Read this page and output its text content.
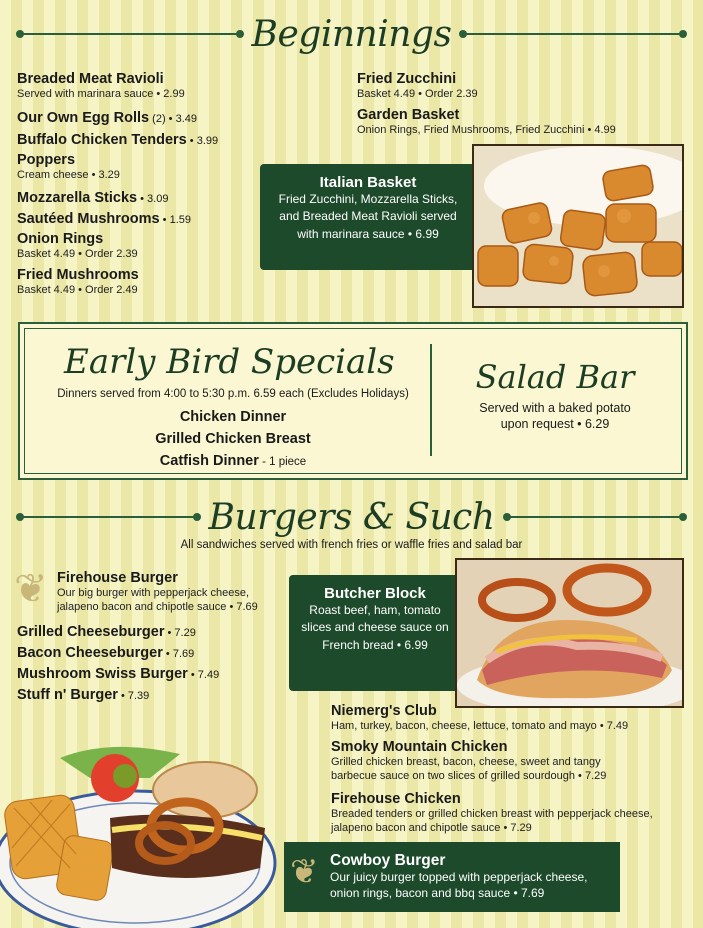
Beginnings
Breaded Meat Ravioli
Served with marinara sauce • 2.99
Our Own Egg Rolls (2) • 3.49
Buffalo Chicken Tenders • 3.99
Poppers
Cream cheese • 3.29
Mozzarella Sticks • 3.09
Sautéed Mushrooms • 1.59
Onion Rings
Basket 4.49 • Order 2.39
Fried Mushrooms
Basket 4.49 • Order 2.49
Fried Zucchini
Basket 4.49 • Order 2.39
Garden Basket
Onion Rings, Fried Mushrooms, Fried Zucchini • 4.99
Italian Basket
Fried Zucchini, Mozzarella Sticks, and Breaded Meat Ravioli served with marinara sauce • 6.99
Early Bird Specials
Dinners served from 4:00 to 5:30 p.m. 6.59 each (Excludes Holidays)
Chicken Dinner
Grilled Chicken Breast
Catfish Dinner - 1 piece
Salad Bar
Served with a baked potato upon request • 6.29
Burgers & Such
All sandwiches served with french fries or waffle fries and salad bar
❦ Firehouse Burger
Our big burger with pepperjack cheese, jalapeno bacon and chipotle sauce • 7.69
Grilled Cheeseburger • 7.29
Bacon Cheeseburger • 7.69
Mushroom Swiss Burger • 7.49
Stuff n' Burger • 7.39
Butcher Block
Roast beef, ham, tomato slices and cheese sauce on French bread • 6.99
Niemerg's Club
Ham, turkey, bacon, cheese, lettuce, tomato and mayo • 7.49
Smoky Mountain Chicken
Grilled chicken breast, bacon, cheese, sweet and tangy barbecue sauce on two slices of grilled sourdough • 7.29
Firehouse Chicken
Breaded tenders or grilled chicken breast with pepperjack cheese, jalapeno bacon and chipotle sauce • 7.29
❦ Cowboy Burger
Our juicy burger topped with pepperjack cheese, onion rings, bacon and bbq sauce • 7.69
